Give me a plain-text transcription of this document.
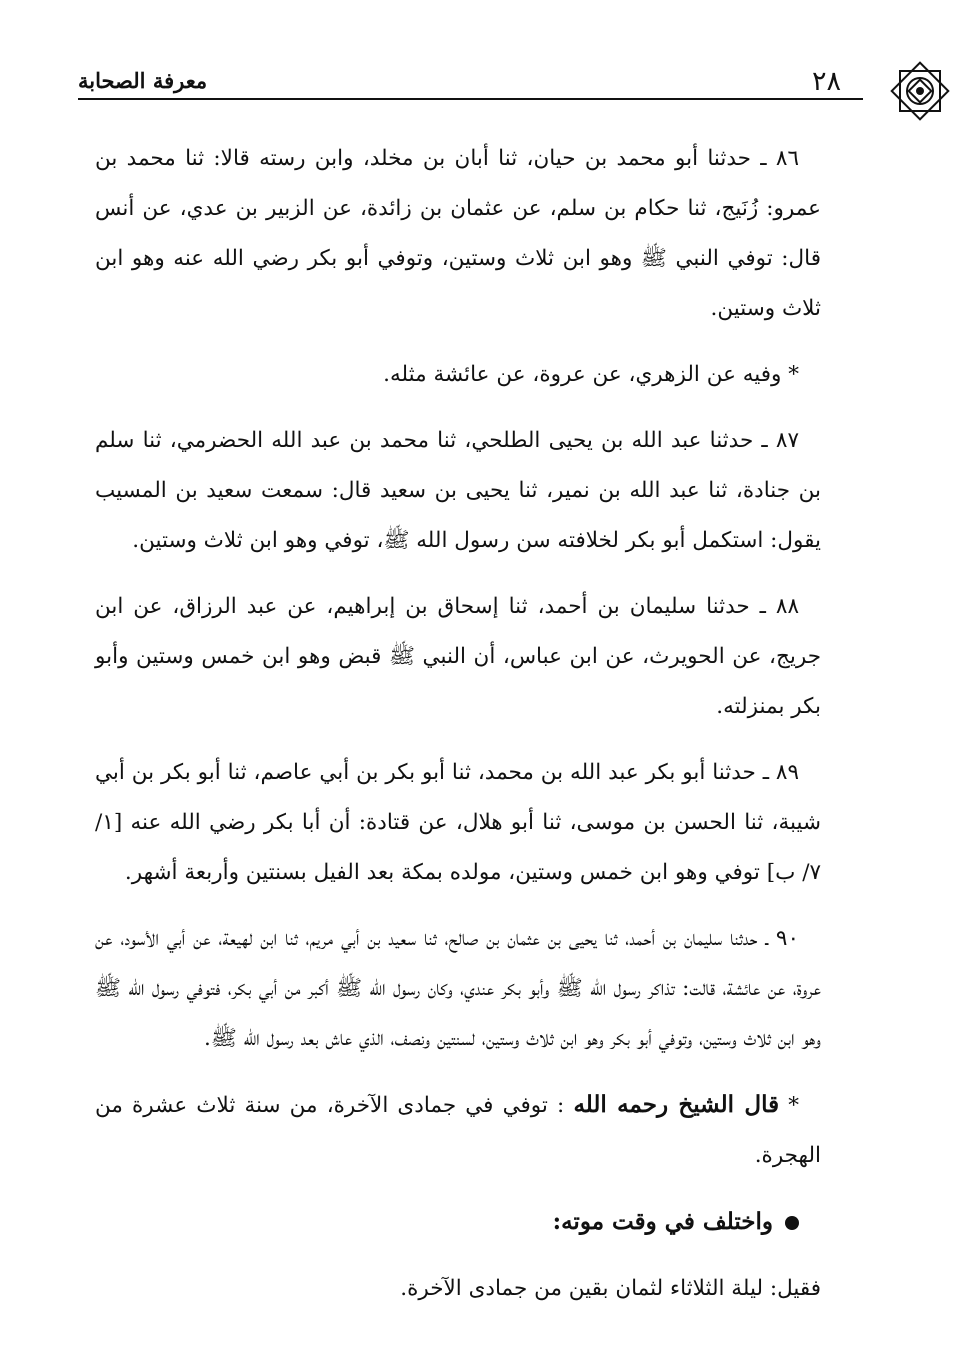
٢٨
معرفة الصحابة

٨٦ ـ حدثنا أبو محمد بن حيان، ثنا أبان بن مخلد، وابن رسته قالا: ثنا محمد بن عمرو: زُنَيج، ثنا حكام بن سلم، عن عثمان بن زائدة، عن الزبير بن عدي، عن أنس قال: توفي النبي ﷺ وهو ابن ثلاث وستين، وتوفي أبو بكر رضي الله عنه وهو ابن ثلاث وستين.

* وفيه عن الزهري، عن عروة، عن عائشة مثله.

٨٧ ـ حدثنا عبد الله بن يحيى الطلحي، ثنا محمد بن عبد الله الحضرمي، ثنا سلم بن جنادة، ثنا عبد الله بن نمير، ثنا يحيى بن سعيد قال: سمعت سعيد بن المسيب يقول: استكمل أبو بكر لخلافته سن رسول الله ﷺ، توفي وهو ابن ثلاث وستين.

٨٨ ـ حدثنا سليمان بن أحمد، ثنا إسحاق بن إبراهيم، عن عبد الرزاق، عن ابن جريج، عن الحويرث، عن ابن عباس، أن النبي ﷺ قبض وهو ابن خمس وستين وأبو بكر بمنزلته.

٨٩ ـ حدثنا أبو بكر عبد الله بن محمد، ثنا أبو بكر بن أبي عاصم، ثنا أبو بكر بن أبي شيبة، ثنا الحسن بن موسى، ثنا أبو هلال، عن قتادة: أن أبا بكر رضي الله عنه [١/ ٧/ ب] توفي وهو ابن خمس وستين، مولده بمكة بعد الفيل بسنتين وأربعة أشهر.

٩٠ ـ حدثنا سليمان بن أحمد، ثنا يحيى بن عثمان بن صالح، ثنا سعيد بن أبي مريم، ثنا ابن لهيعة، عن أبي الأسود، عن عروة، عن عائشة، قالت: تذاكر رسول الله ﷺ وأبو بكر عندي، وكان رسول الله ﷺ أكبر من أبي بكر، فتوفي رسول الله ﷺ وهو ابن ثلاث وستين، وتوفي أبو بكر وهو ابن ثلاث وستين، لسنتين ونصف، الذي عاش بعد رسول الله ﷺ.

* قال الشيخ رحمه الله : توفي في جمادى الآخرة، من سنة ثلاث عشرة من الهجرة.

واختلف في وقت موته:

فقيل: ليلة الثلاثاء لثمان بقين من جمادى الآخرة.
